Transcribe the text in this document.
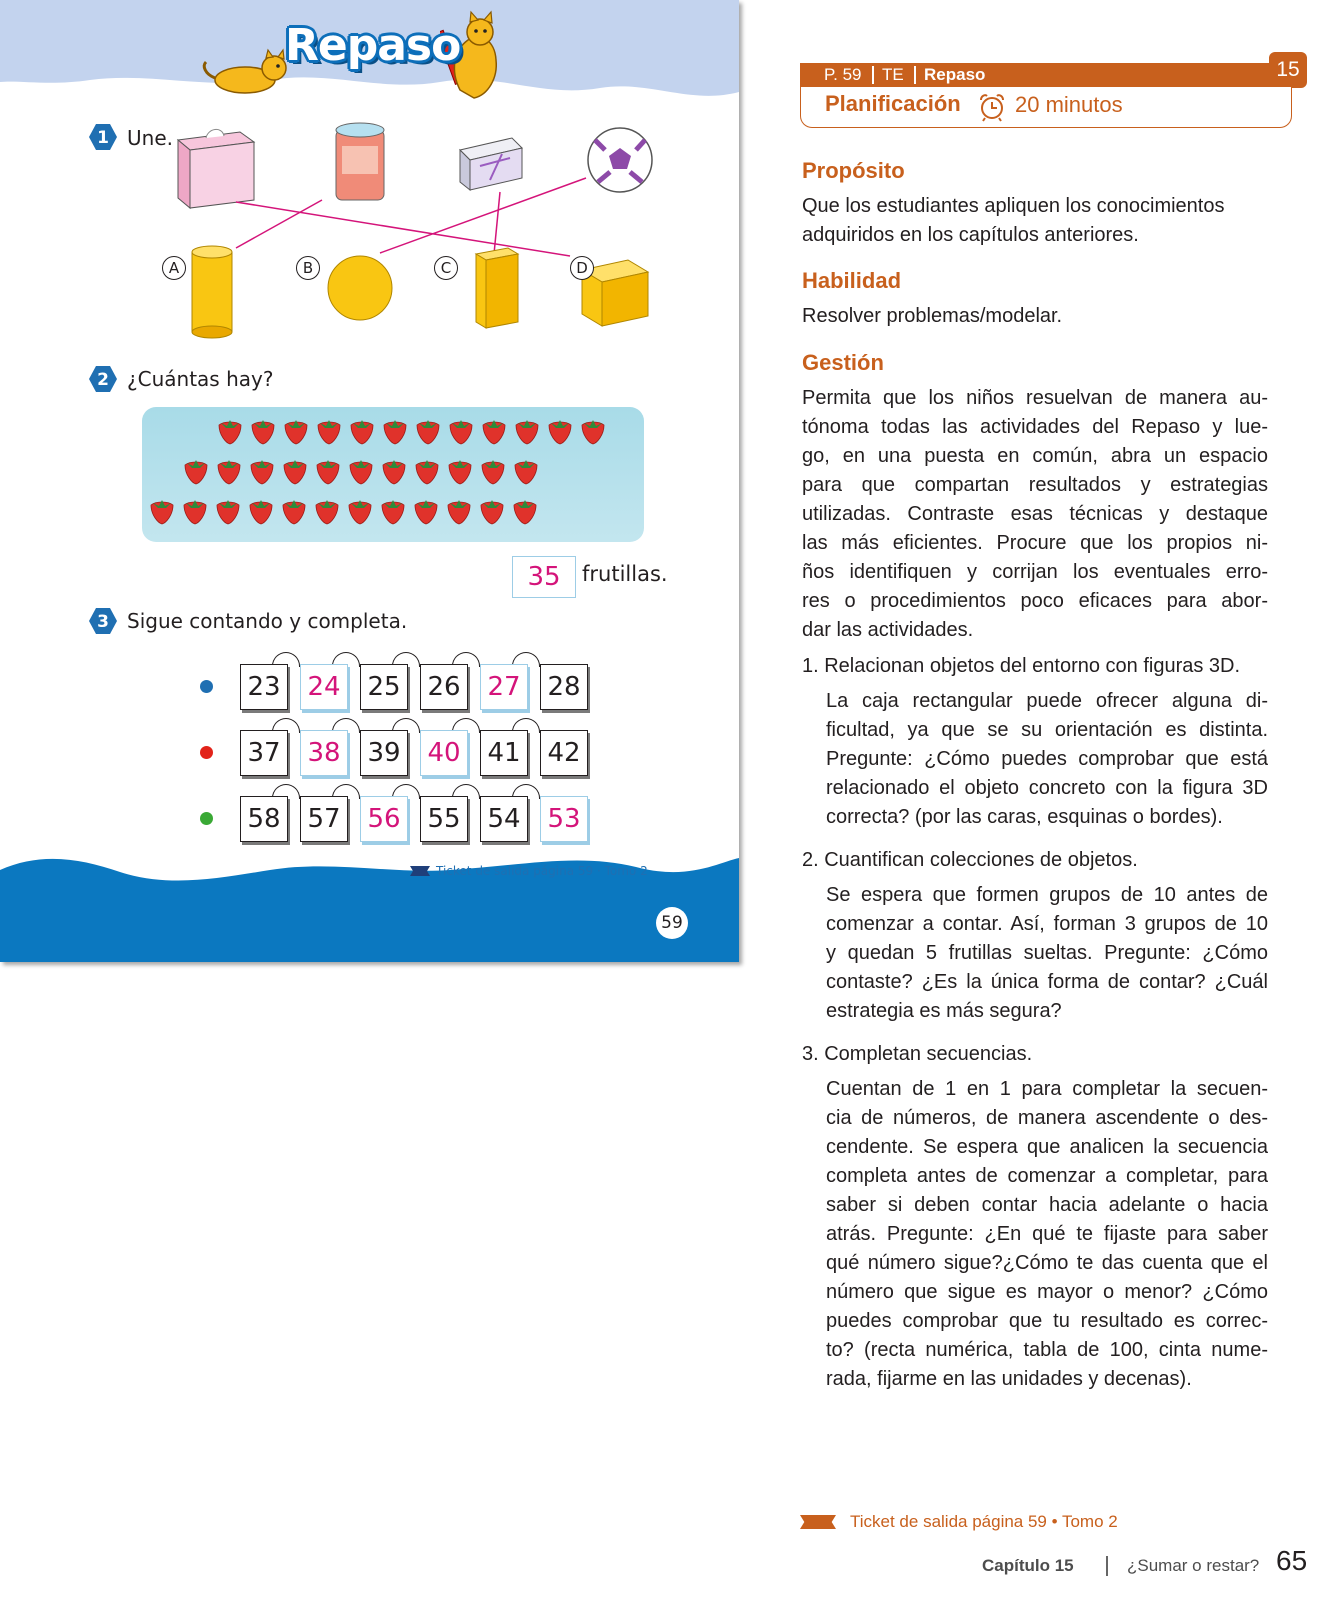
Repaso
1 Une.
A	B	C	D
2 ¿Cuántas hay?
35	frutillas.
3 Sigue contando y completa.
23 24 25 26 27 28
37 38 39 40 41 42
58 57 56 55 54 53
Ticket de salida página 59 · Tomo 2
59
P. 59 TE Repaso	15
Planificación 20 minutos
Propósito
Que los estudiantes apliquen los conocimientos
adquiridos en los capítulos anteriores.
Habilidad
Resolver problemas/modelar.
Gestión
Permita que los niños resuelvan de manera au-
tónoma todas las actividades del Repaso y lue-
go, en una puesta en común, abra un espacio
para que compartan resultados y estrategias
utilizadas. Contraste esas técnicas y destaque
las más eficientes. Procure que los propios ni-
ños identifiquen y corrijan los eventuales erro-
res o procedimientos poco eficaces para abor-
dar las actividades.
1. Relacionan objetos del entorno con figuras 3D.
La caja rectangular puede ofrecer alguna di-
ficultad, ya que se su orientación es distinta.
Pregunte: ¿Cómo puedes comprobar que está
relacionado el objeto concreto con la figura 3D
correcta? (por las caras, esquinas o bordes).
2. Cuantifican colecciones de objetos.
Se espera que formen grupos de 10 antes de
comenzar a contar. Así, forman 3 grupos de 10
y quedan 5 frutillas sueltas. Pregunte: ¿Cómo
contaste? ¿Es la única forma de contar? ¿Cuál
estrategia es más segura?
3. Completan secuencias.
Cuentan de 1 en 1 para completar la secuen-
cia de números, de manera ascendente o des-
cendente. Se espera que analicen la secuencia
completa antes de comenzar a completar, para
saber si deben contar hacia adelante o hacia
atrás. Pregunte: ¿En qué te fijaste para saber
qué número sigue?¿Cómo te das cuenta que el
número que sigue es mayor o menor? ¿Cómo
puedes comprobar que tu resultado es correc-
to? (recta numérica, tabla de 100, cinta nume-
rada, fijarme en las unidades y decenas).
Ticket de salida página 59 • Tomo 2
Capítulo 15	¿Sumar o restar? 65
